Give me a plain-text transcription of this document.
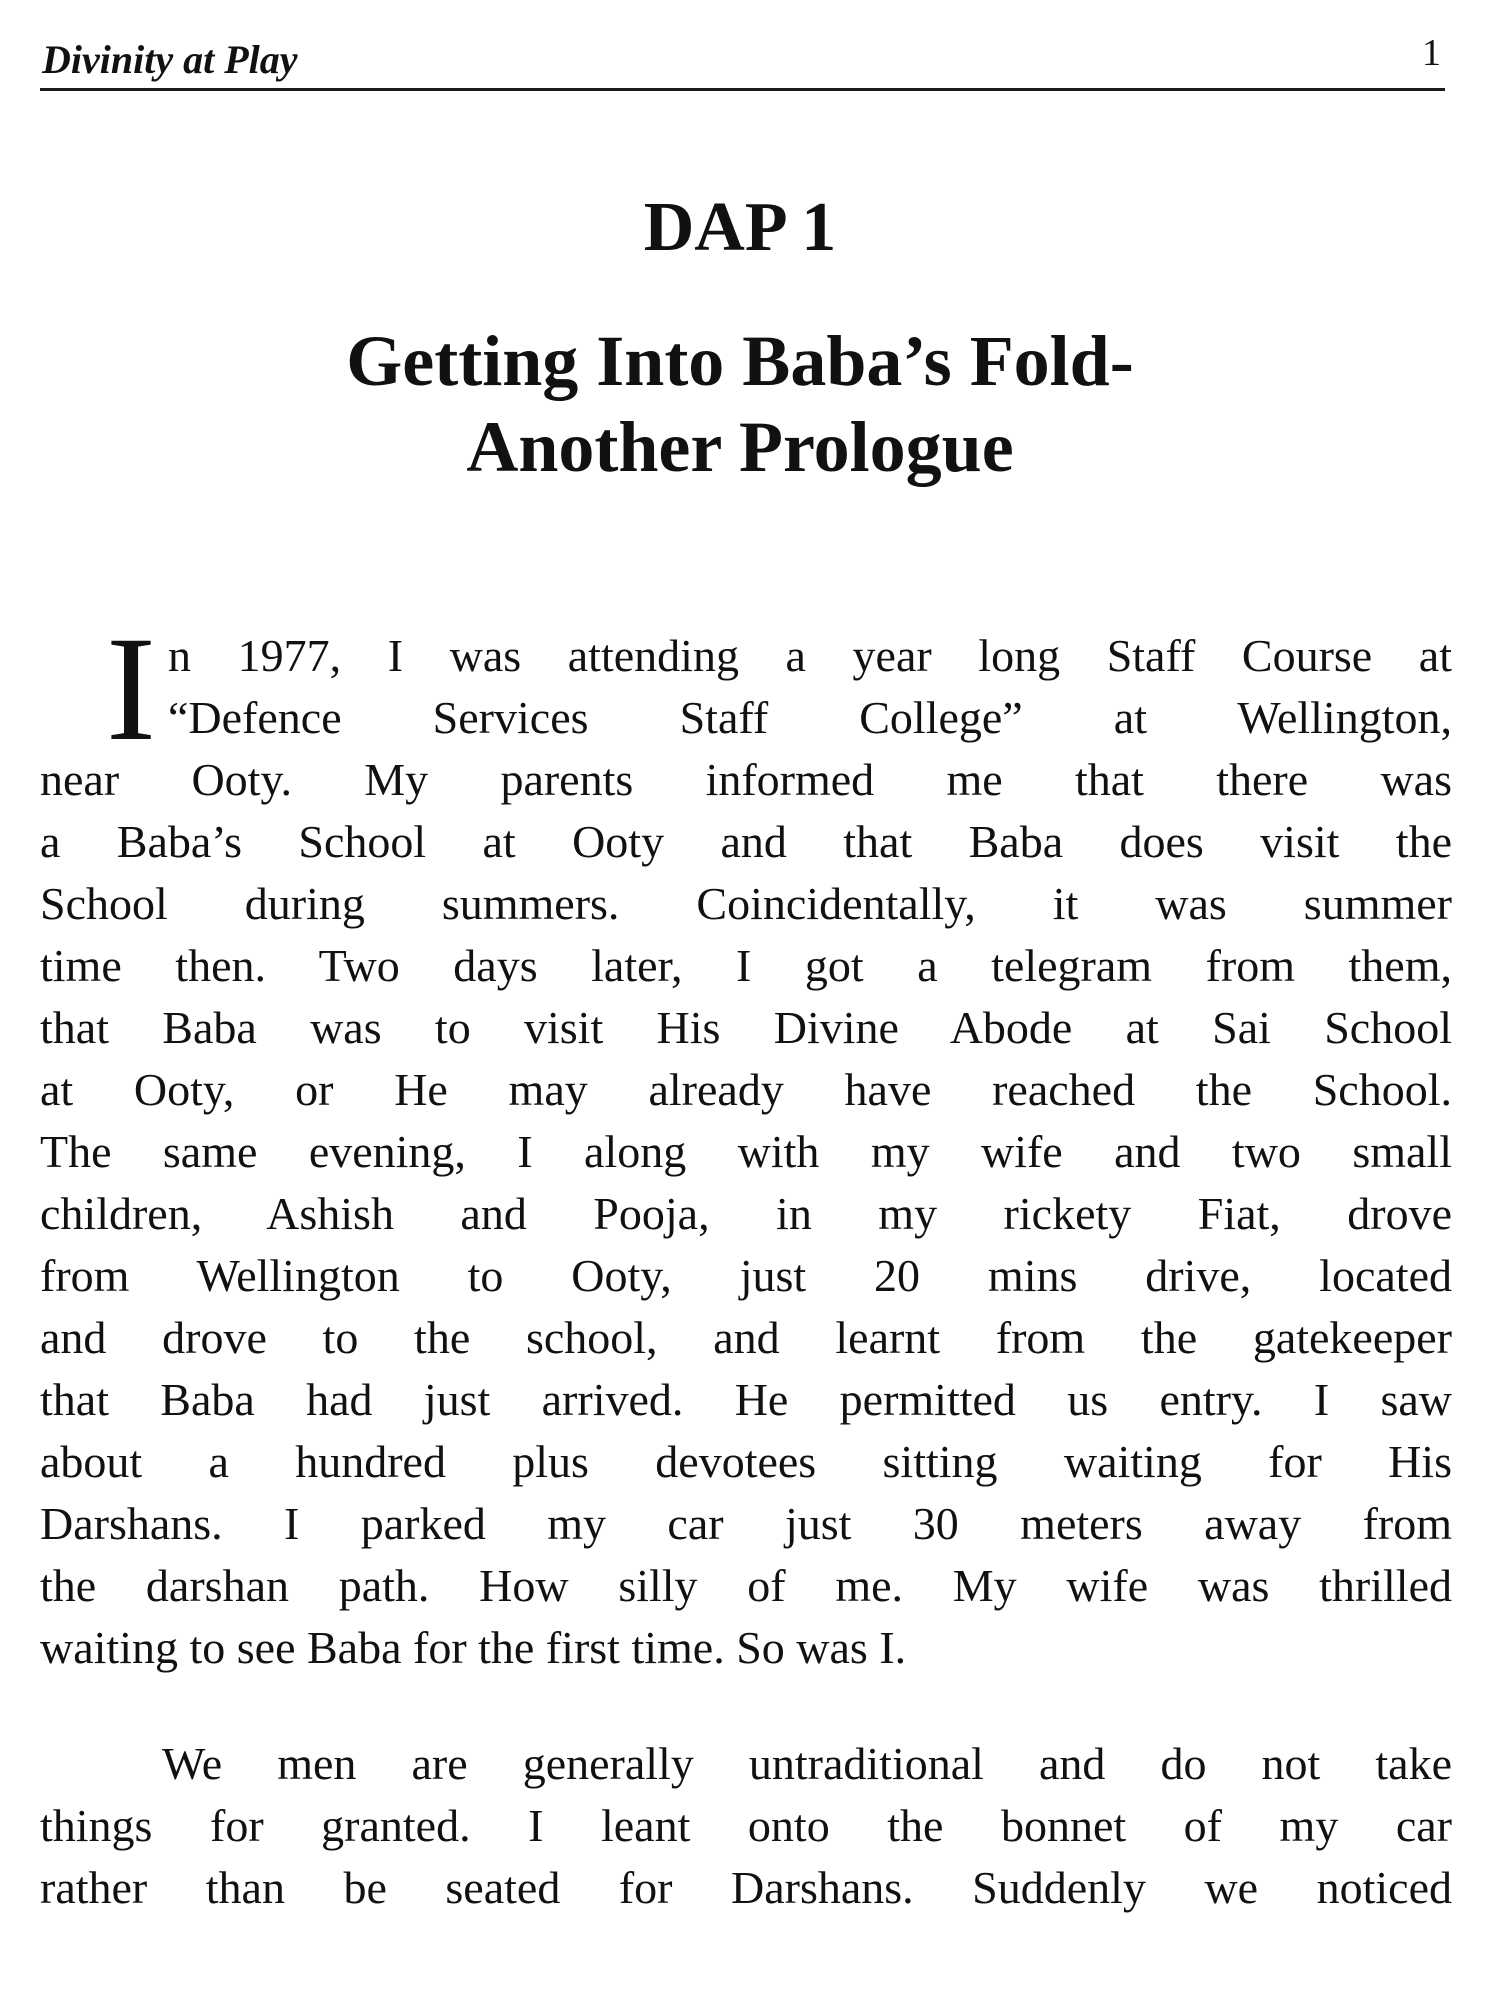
Divinity at Play	1
DAP 1
Getting Into Baba’s Fold-
Another Prologue
I n 1977, I was attending a year long Staff Course at
“Defence Services Staff College” at Wellington,
near Ooty. My parents informed me that there was
a Baba’s School at Ooty and that Baba does visit the
School during summers. Coincidentally, it was summer
time then. Two days later, I got a telegram from them,
that Baba was to visit His Divine Abode at Sai School
at Ooty, or He may already have reached the School.
The same evening, I along with my wife and two small
children, Ashish and Pooja, in my rickety Fiat, drove
from Wellington to Ooty, just 20 mins drive, located
and drove to the school, and learnt from the gatekeeper
that Baba had just arrived. He permitted us entry. I saw
about a hundred plus devotees sitting waiting for His
Darshans. I parked my car just 30 meters away from
the darshan path. How silly of me. My wife was thrilled
waiting to see Baba for the first time. So was I.
We men are generally untraditional and do not take
things for granted. I leant onto the bonnet of my car
rather than be seated for Darshans. Suddenly we noticed
